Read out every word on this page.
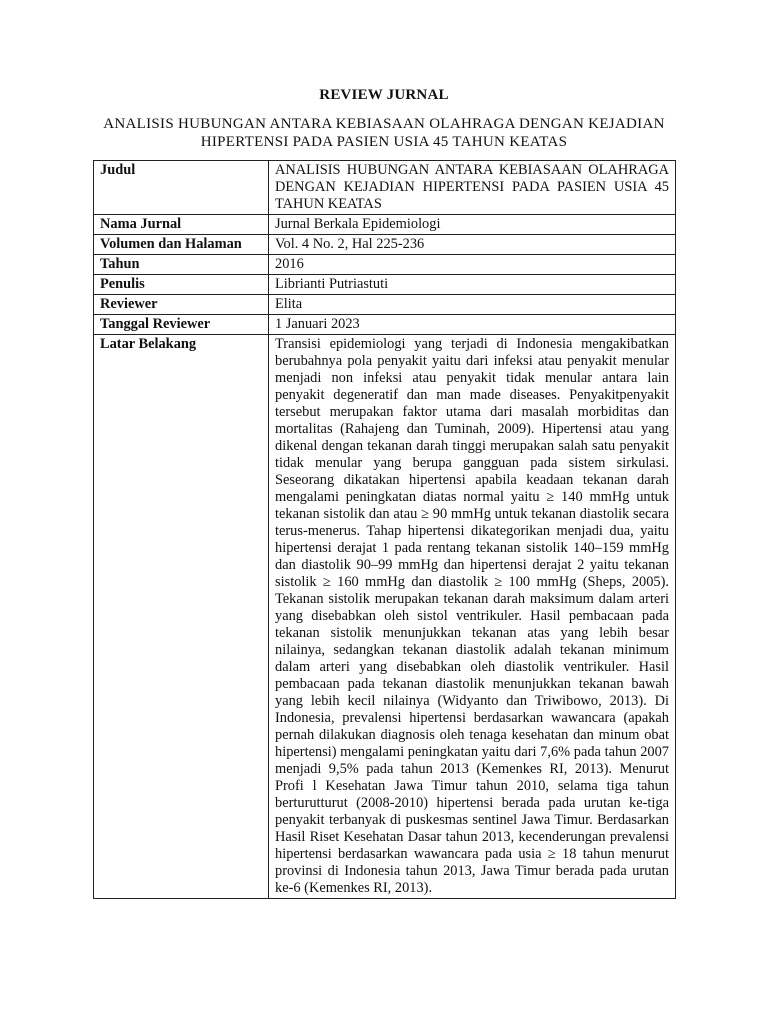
REVIEW JURNAL
ANALISIS HUBUNGAN ANTARA KEBIASAAN OLAHRAGA DENGAN KEJADIAN HIPERTENSI PADA PASIEN USIA 45 TAHUN KEATAS
Judul	ANALISIS HUBUNGAN ANTARA KEBIASAAN OLAHRAGA DENGAN KEJADIAN HIPERTENSI PADA PASIEN USIA 45 TAHUN KEATAS
Nama Jurnal	Jurnal Berkala Epidemiologi
Volumen dan Halaman	Vol. 4 No. 2, Hal 225-236
Tahun	2016
Penulis	Librianti Putriastuti
Reviewer	Elita
Tanggal Reviewer	1 Januari 2023
Latar Belakang	Transisi epidemiologi yang terjadi di Indonesia mengakibatkan berubahnya pola penyakit yaitu dari infeksi atau penyakit menular menjadi non infeksi atau penyakit tidak menular antara lain penyakit degeneratif dan man made diseases. Penyakitpenyakit tersebut merupakan faktor utama dari masalah morbiditas dan mortalitas (Rahajeng dan Tuminah, 2009). Hipertensi atau yang dikenal dengan tekanan darah tinggi merupakan salah satu penyakit tidak menular yang berupa gangguan pada sistem sirkulasi. Seseorang dikatakan hipertensi apabila keadaan tekanan darah mengalami peningkatan diatas normal yaitu ≥ 140 mmHg untuk tekanan sistolik dan atau ≥ 90 mmHg untuk tekanan diastolik secara terus-menerus. Tahap hipertensi dikategorikan menjadi dua, yaitu hipertensi derajat 1 pada rentang tekanan sistolik 140–159 mmHg dan diastolik 90–99 mmHg dan hipertensi derajat 2 yaitu tekanan sistolik ≥ 160 mmHg dan diastolik ≥ 100 mmHg (Sheps, 2005). Tekanan sistolik merupakan tekanan darah maksimum dalam arteri yang disebabkan oleh sistol ventrikuler. Hasil pembacaan pada tekanan sistolik menunjukkan tekanan atas yang lebih besar nilainya, sedangkan tekanan diastolik adalah tekanan minimum dalam arteri yang disebabkan oleh diastolik ventrikuler. Hasil pembacaan pada tekanan diastolik menunjukkan tekanan bawah yang lebih kecil nilainya (Widyanto dan Triwibowo, 2013). Di Indonesia, prevalensi hipertensi berdasarkan wawancara (apakah pernah dilakukan diagnosis oleh tenaga kesehatan dan minum obat hipertensi) mengalami peningkatan yaitu dari 7,6% pada tahun 2007 menjadi 9,5% pada tahun 2013 (Kemenkes RI, 2013). Menurut Profi l Kesehatan Jawa Timur tahun 2010, selama tiga tahun berturutturut (2008-2010) hipertensi berada pada urutan ke-tiga penyakit terbanyak di puskesmas sentinel Jawa Timur. Berdasarkan Hasil Riset Kesehatan Dasar tahun 2013, kecenderungan prevalensi hipertensi berdasarkan wawancara pada usia ≥ 18 tahun menurut provinsi di Indonesia tahun 2013, Jawa Timur berada pada urutan ke-6 (Kemenkes RI, 2013).
